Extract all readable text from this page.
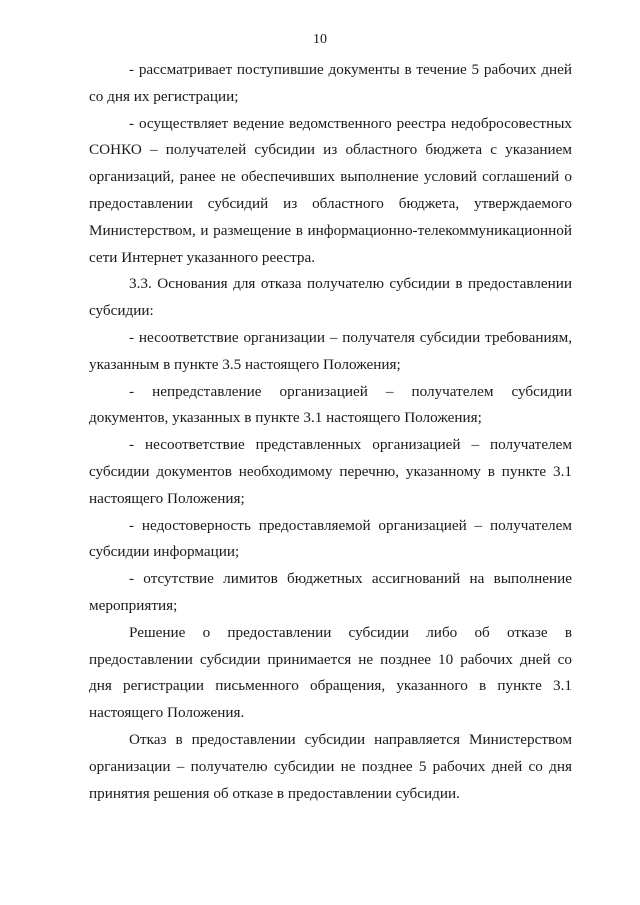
10

- рассматривает поступившие документы в течение 5 рабочих дней со дня их регистрации;

- осуществляет ведение ведомственного реестра недобросовестных СОНКО – получателей субсидии из областного бюджета с указанием организаций, ранее не обеспечивших выполнение условий соглашений о предоставлении субсидий из областного бюджета, утверждаемого Министерством, и размещение в информационно-телекоммуникационной сети Интернет указанного реестра.

3.3. Основания для отказа получателю субсидии в предоставлении субсидии:

- несоответствие организации – получателя субсидии требованиям, указанным в пункте 3.5 настоящего Положения;

- непредставление организацией – получателем субсидии документов, указанных в пункте 3.1 настоящего Положения;

- несоответствие представленных организацией – получателем субсидии документов необходимому перечню, указанному в пункте 3.1 настоящего Положения;

- недостоверность предоставляемой организацией – получателем субсидии информации;

- отсутствие лимитов бюджетных ассигнований на выполнение мероприятия;

Решение о предоставлении субсидии либо об отказе в предоставлении субсидии принимается не позднее 10 рабочих дней со дня регистрации письменного обращения, указанного в пункте 3.1 настоящего Положения.

Отказ в предоставлении субсидии направляется Министерством организации – получателю субсидии не позднее 5 рабочих дней со дня принятия решения об отказе в предоставлении субсидии.
